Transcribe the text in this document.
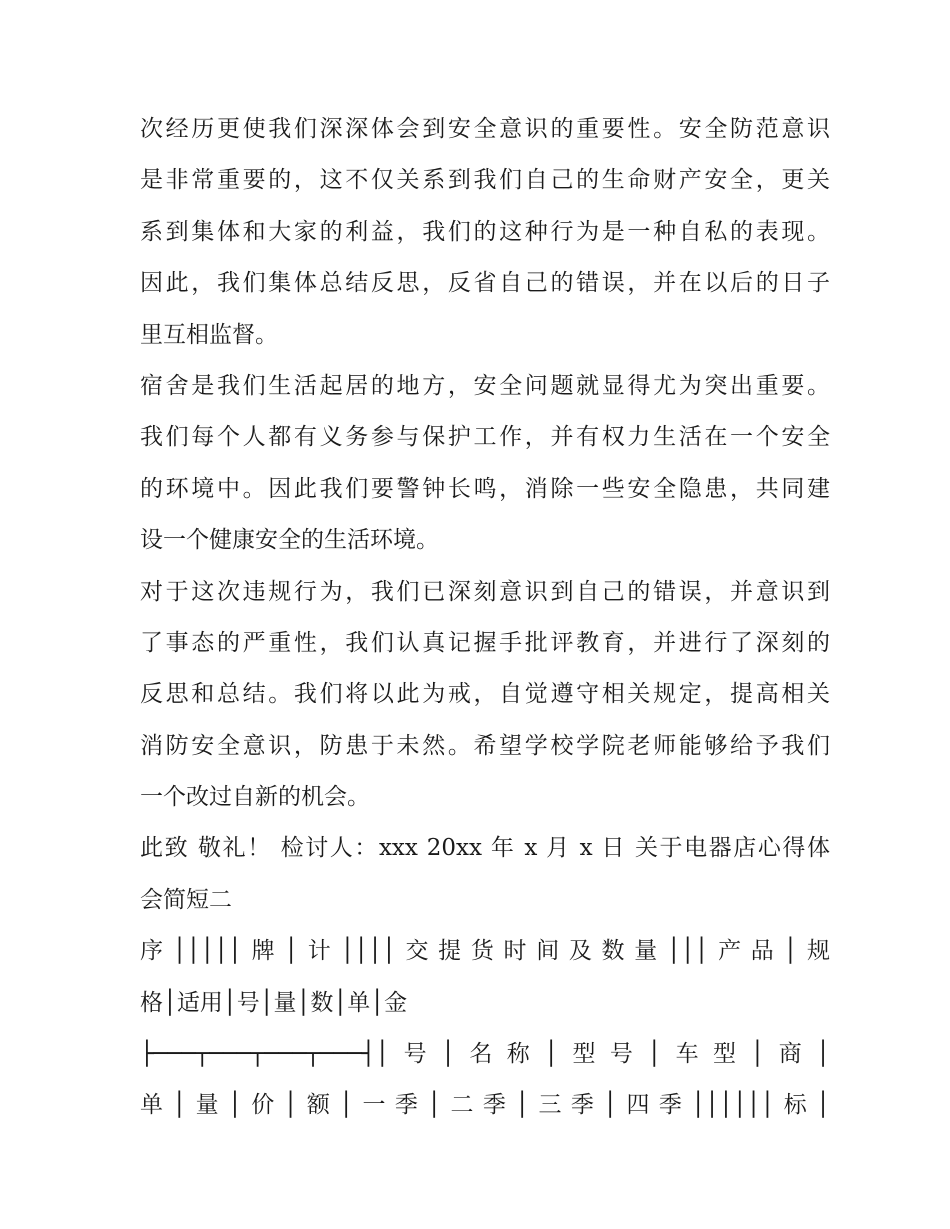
次经历更使我们深深体会到安全意识的重要性。安全防范意识
是非常重要的，这不仅关系到我们自己的生命财产安全，更关
系到集体和大家的利益，我们的这种行为是一种自私的表现。
因此，我们集体总结反思，反省自己的错误，并在以后的日子
里互相监督。
宿舍是我们生活起居的地方，安全问题就显得尤为突出重要。
我们每个人都有义务参与保护工作，并有权力生活在一个安全
的环境中。因此我们要警钟长鸣，消除一些安全隐患，共同建
设一个健康安全的生活环境。
对于这次违规行为，我们已深刻意识到自己的错误，并意识到
了事态的严重性，我们认真记握手批评教育，并进行了深刻的
反思和总结。我们将以此为戒，自觉遵守相关规定，提高相关
消防安全意识，防患于未然。希望学校学院老师能够给予我们
一个改过自新的机会。
此致 敬礼！ 检讨人：xxx 20xx 年 x 月 x 日 关于电器店心得体
会简短二
序│││││牌│计││││交提货时间及数量│││产品│规
格│适用│号│量│数│单│金
├───┬───┬───┬───┤│号│名称│型号│车型│商│
单│量│价│额│一季│二季│三季│四季││││││标│
